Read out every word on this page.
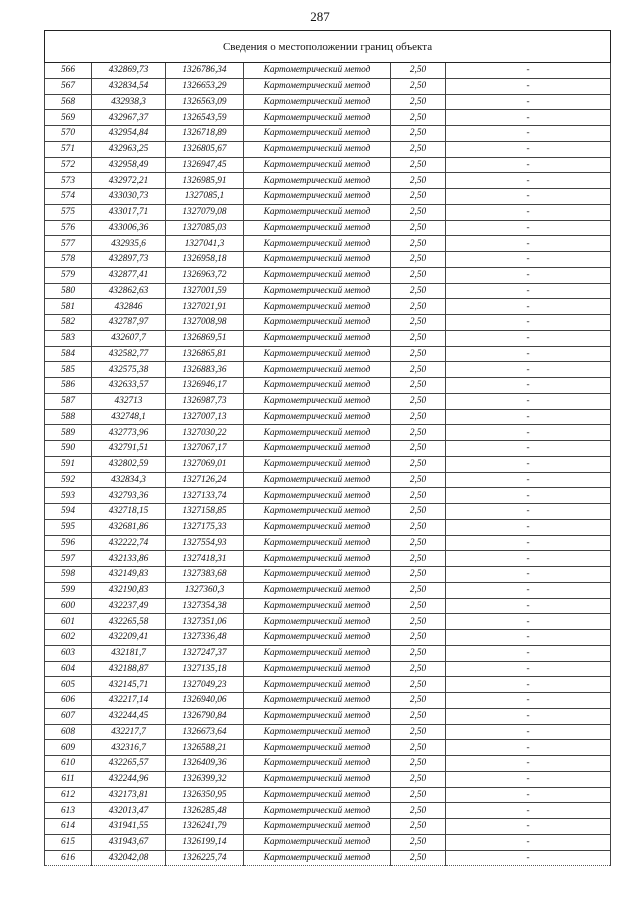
287
Сведения о местоположении границ объекта					
566	432869,73	1326786,34	Картометрический метод	2,50	-
567	432834,54	1326653,29	Картометрический метод	2,50	-
568	432938,3	1326563,09	Картометрический метод	2,50	-
569	432967,37	1326543,59	Картометрический метод	2,50	-
570	432954,84	1326718,89	Картометрический метод	2,50	-
571	432963,25	1326805,67	Картометрический метод	2,50	-
572	432958,49	1326947,45	Картометрический метод	2,50	-
573	432972,21	1326985,91	Картометрический метод	2,50	-
574	433030,73	1327085,1	Картометрический метод	2,50	-
575	433017,71	1327079,08	Картометрический метод	2,50	-
576	433006,36	1327085,03	Картометрический метод	2,50	-
577	432935,6	1327041,3	Картометрический метод	2,50	-
578	432897,73	1326958,18	Картометрический метод	2,50	-
579	432877,41	1326963,72	Картометрический метод	2,50	-
580	432862,63	1327001,59	Картометрический метод	2,50	-
581	432846	1327021,91	Картометрический метод	2,50	-
582	432787,97	1327008,98	Картометрический метод	2,50	-
583	432607,7	1326869,51	Картометрический метод	2,50	-
584	432582,77	1326865,81	Картометрический метод	2,50	-
585	432575,38	1326883,36	Картометрический метод	2,50	-
586	432633,57	1326946,17	Картометрический метод	2,50	-
587	432713	1326987,73	Картометрический метод	2,50	-
588	432748,1	1327007,13	Картометрический метод	2,50	-
589	432773,96	1327030,22	Картометрический метод	2,50	-
590	432791,51	1327067,17	Картометрический метод	2,50	-
591	432802,59	1327069,01	Картометрический метод	2,50	-
592	432834,3	1327126,24	Картометрический метод	2,50	-
593	432793,36	1327133,74	Картометрический метод	2,50	-
594	432718,15	1327158,85	Картометрический метод	2,50	-
595	432681,86	1327175,33	Картометрический метод	2,50	-
596	432222,74	1327554,93	Картометрический метод	2,50	-
597	432133,86	1327418,31	Картометрический метод	2,50	-
598	432149,83	1327383,68	Картометрический метод	2,50	-
599	432190,83	1327360,3	Картометрический метод	2,50	-
600	432237,49	1327354,38	Картометрический метод	2,50	-
601	432265,58	1327351,06	Картометрический метод	2,50	-
602	432209,41	1327336,48	Картометрический метод	2,50	-
603	432181,7	1327247,37	Картометрический метод	2,50	-
604	432188,87	1327135,18	Картометрический метод	2,50	-
605	432145,71	1327049,23	Картометрический метод	2,50	-
606	432217,14	1326940,06	Картометрический метод	2,50	-
607	432244,45	1326790,84	Картометрический метод	2,50	-
608	432217,7	1326673,64	Картометрический метод	2,50	-
609	432316,7	1326588,21	Картометрический метод	2,50	-
610	432265,57	1326409,36	Картометрический метод	2,50	-
611	432244,96	1326399,32	Картометрический метод	2,50	-
612	432173,81	1326350,95	Картометрический метод	2,50	-
613	432013,47	1326285,48	Картометрический метод	2,50	-
614	431941,55	1326241,79	Картометрический метод	2,50	-
615	431943,67	1326199,14	Картометрический метод	2,50	-
616	432042,08	1326225,74	Картометрический метод	2,50	-
